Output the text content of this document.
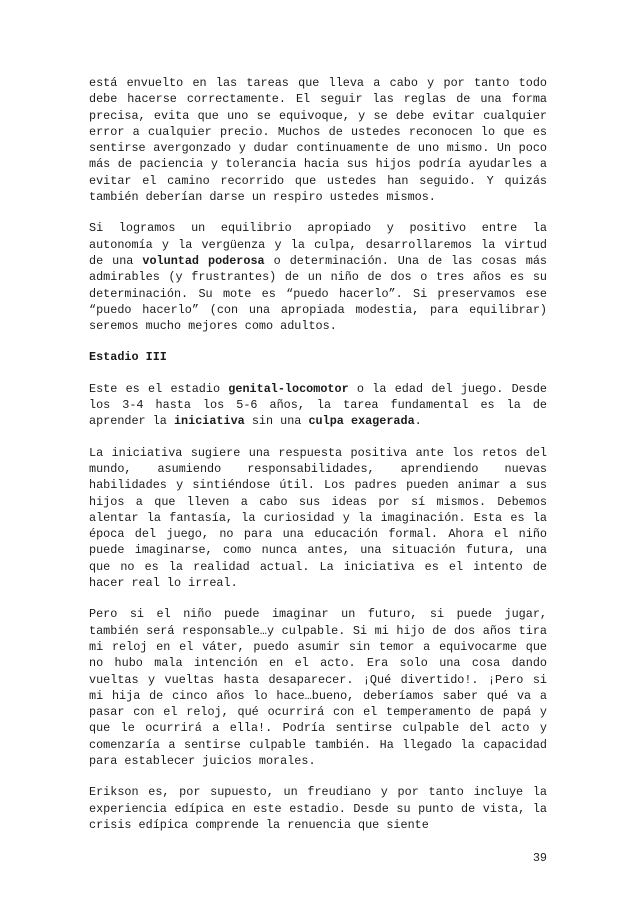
está envuelto en las tareas que lleva a cabo y por tanto todo debe hacerse correctamente. El seguir las reglas de una forma precisa, evita que uno se equivoque, y se debe evitar cualquier error a cualquier precio. Muchos de ustedes reconocen lo que es sentirse avergonzado y dudar continuamente de uno mismo. Un poco más de paciencia y tolerancia hacia sus hijos podría ayudarles a evitar el camino recorrido que ustedes han seguido. Y quizás también deberían darse un respiro ustedes mismos.

Si logramos un equilibrio apropiado y positivo entre la autonomía y la vergüenza y la culpa, desarrollaremos la virtud de una voluntad poderosa o determinación. Una de las cosas más admirables (y frustrantes) de un niño de dos o tres años es su determinación. Su mote es “puedo hacerlo”. Si preservamos ese “puedo hacerlo” (con una apropiada modestia, para equilibrar) seremos mucho mejores como adultos.

Estadio III

Este es el estadio genital-locomotor o la edad del juego. Desde los 3-4 hasta los 5-6 años, la tarea fundamental es la de aprender la iniciativa sin una culpa exagerada.

La iniciativa sugiere una respuesta positiva ante los retos del mundo, asumiendo responsabilidades, aprendiendo nuevas habilidades y sintiéndose útil. Los padres pueden animar a sus hijos a que lleven a cabo sus ideas por sí mismos. Debemos alentar la fantasía, la curiosidad y la imaginación. Esta es la época del juego, no para una educación formal. Ahora el niño puede imaginarse, como nunca antes, una situación futura, una que no es la realidad actual. La iniciativa es el intento de hacer real lo irreal.

Pero si el niño puede imaginar un futuro, si puede jugar, también será responsable…y culpable. Si mi hijo de dos años tira mi reloj en el váter, puedo asumir sin temor a equivocarme que no hubo mala intención en el acto. Era solo una cosa dando vueltas y vueltas hasta desaparecer. ¡Qué divertido!. ¡Pero si mi hija de cinco años lo hace…bueno, deberíamos saber qué va a pasar con el reloj, qué ocurrirá con el temperamento de papá y que le ocurrirá a ella!. Podría sentirse culpable del acto y comenzaría a sentirse culpable también. Ha llegado la capacidad para establecer juicios morales.

Erikson es, por supuesto, un freudiano y por tanto incluye la experiencia edípica en este estadio. Desde su punto de vista, la crisis edípica comprende la renuencia que siente

39
